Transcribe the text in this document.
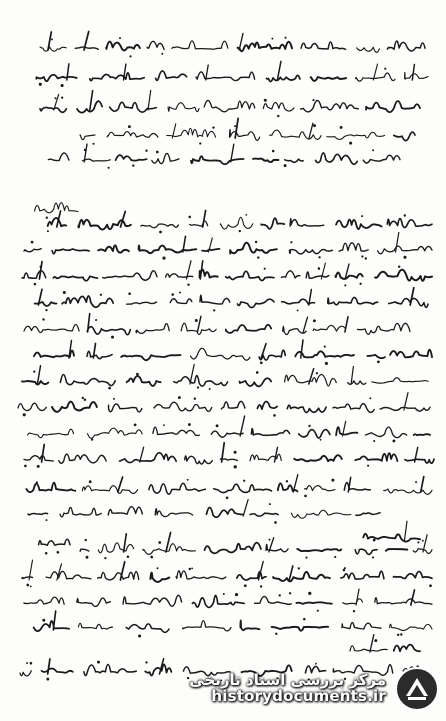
مرکز بررسی اسناد تاریخی
historydocuments.ir
